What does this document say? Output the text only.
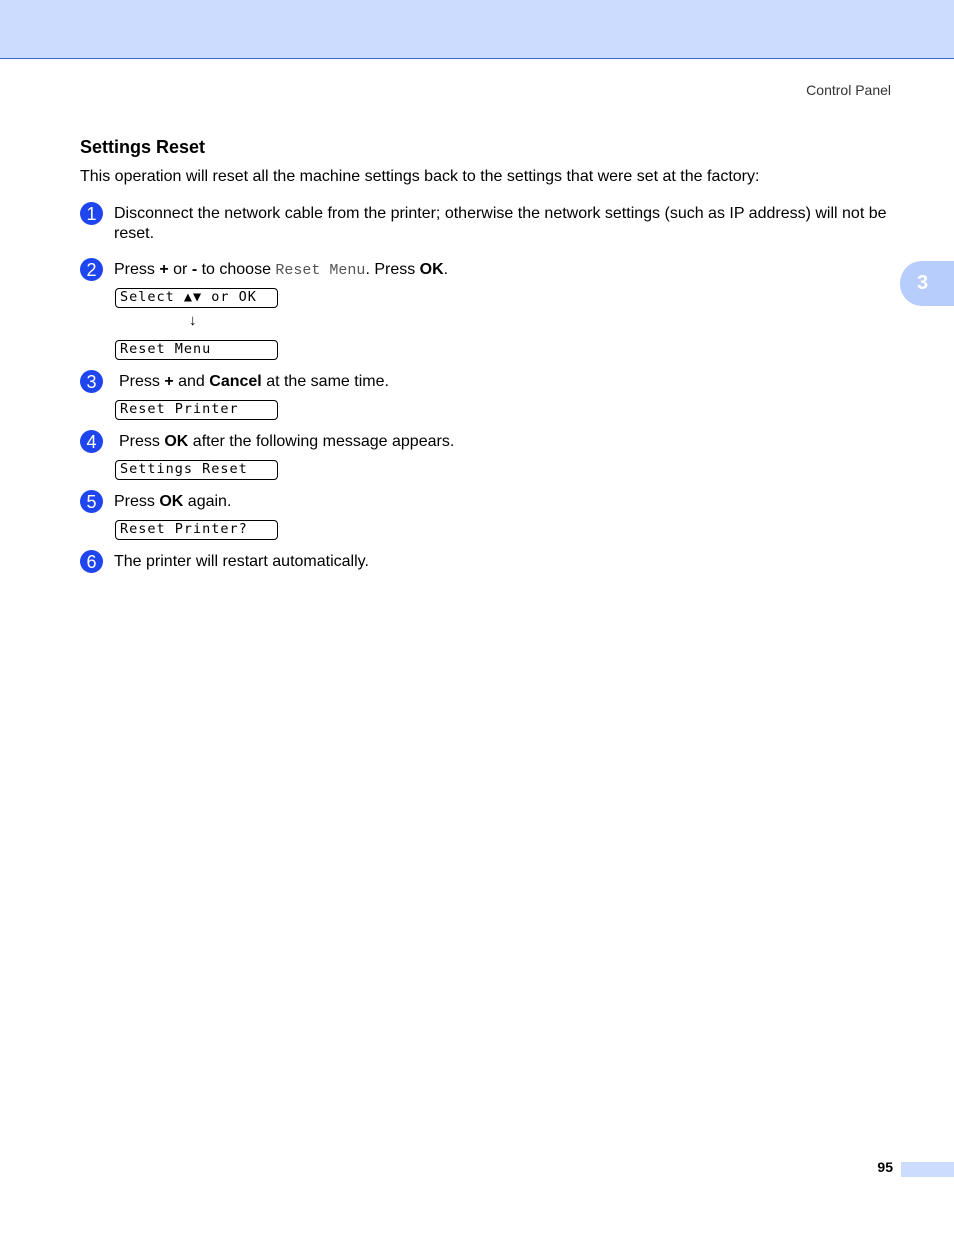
Control Panel
3
Settings Reset
This operation will reset all the machine settings back to the settings that were set at the factory:
1	Disconnect the network cable from the printer; otherwise the network settings (such as IP address) will not be reset.
2	Press + or - to choose Reset Menu. Press OK.
Select ▲▼ or OK
↓
Reset Menu
3	Press + and Cancel at the same time.
Reset Printer
4	Press OK after the following message appears.
Settings Reset
5	Press OK again.
Reset Printer?
6	The printer will restart automatically.
95
